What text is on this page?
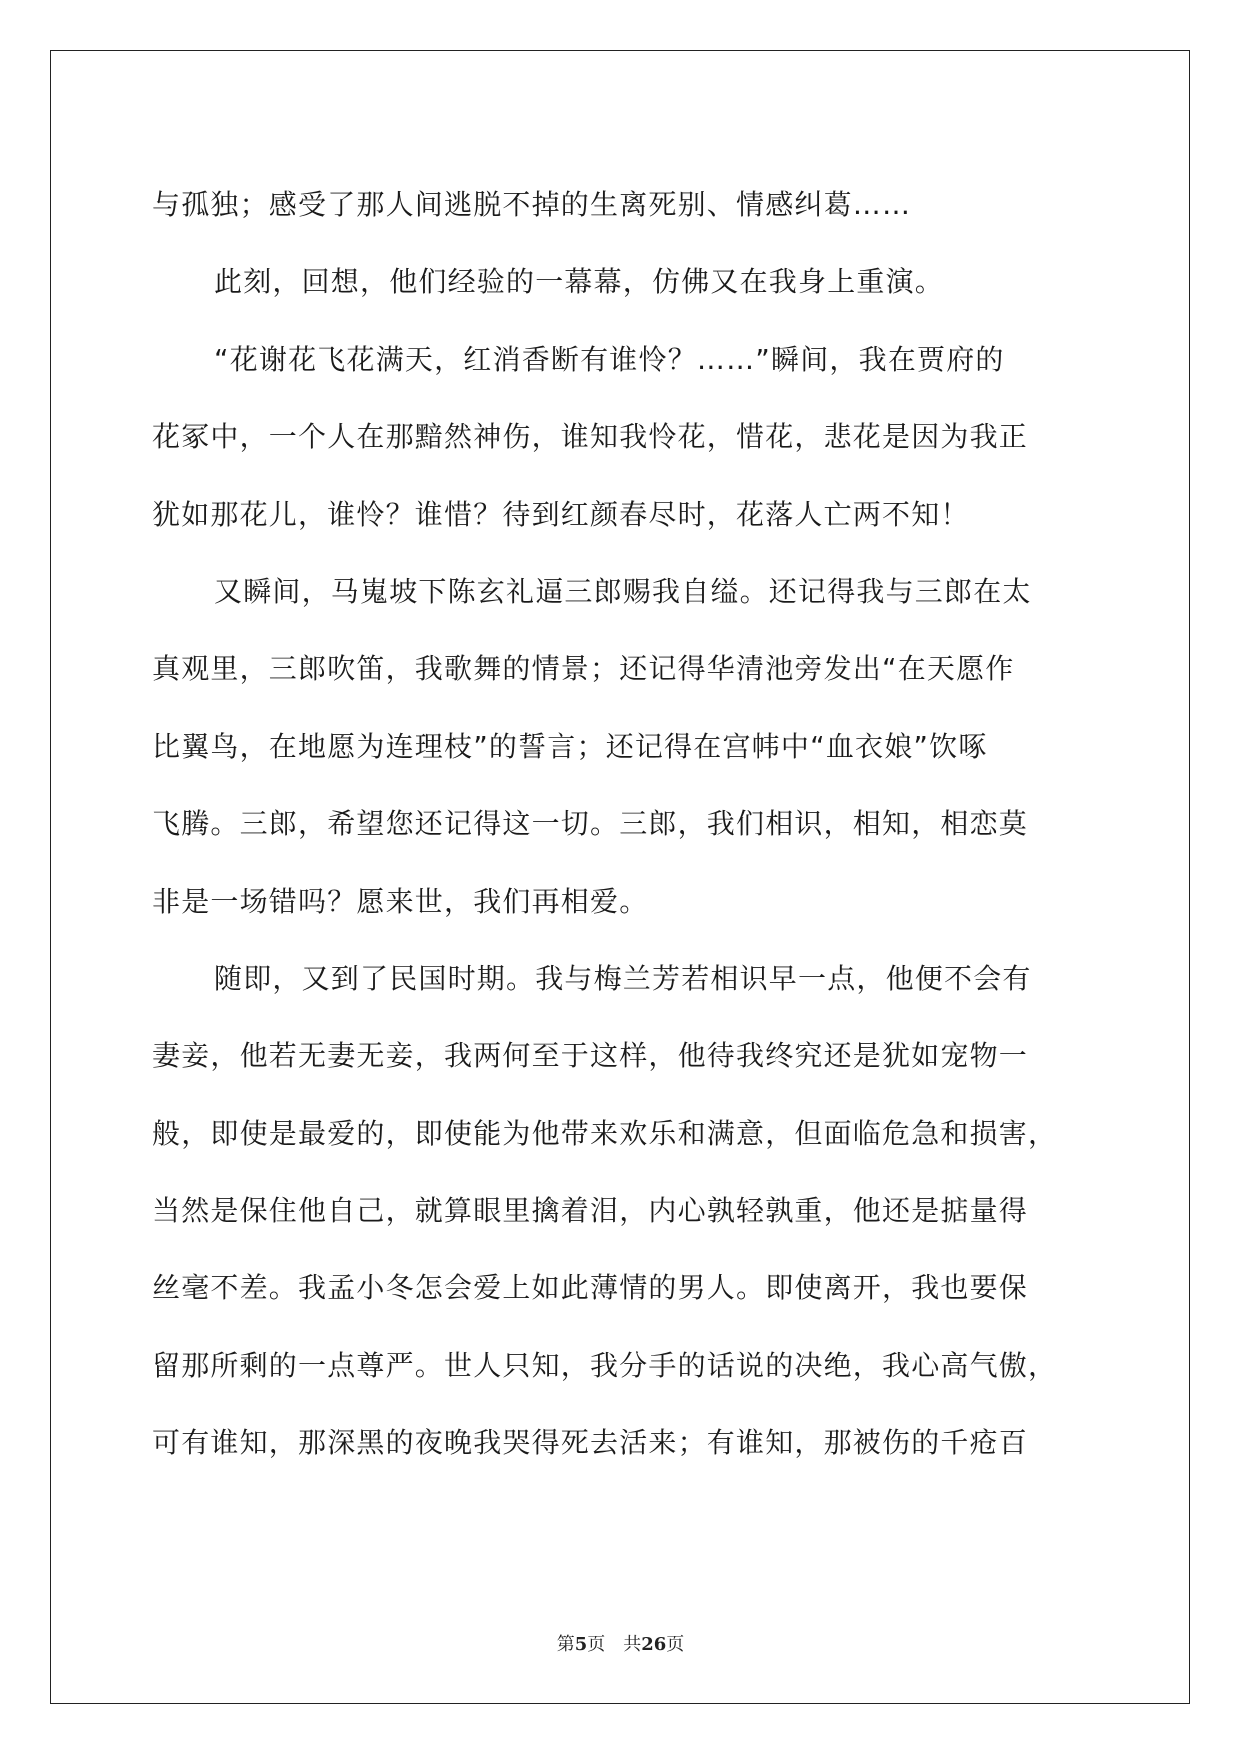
与孤独；感受了那人间逃脱不掉的生离死别、情感纠葛……
此刻，回想，他们经验的一幕幕，仿佛又在我身上重演。
“花谢花飞花满天，红消香断有谁怜？……”瞬间，我在贾府的
花冢中，一个人在那黯然神伤，谁知我怜花，惜花，悲花是因为我正
犹如那花儿，谁怜？谁惜？待到红颜春尽时，花落人亡两不知！
又瞬间，马嵬坡下陈玄礼逼三郎赐我自缢。还记得我与三郎在太
真观里，三郎吹笛，我歌舞的情景；还记得华清池旁发出“在天愿作
比翼鸟，在地愿为连理枝”的誓言；还记得在宫帏中“血衣娘”饮啄
飞腾。三郎，希望您还记得这一切。三郎，我们相识，相知，相恋莫
非是一场错吗？愿来世，我们再相爱。
随即，又到了民国时期。我与梅兰芳若相识早一点，他便不会有
妻妾，他若无妻无妾，我两何至于这样，他待我终究还是犹如宠物一
般，即使是最爱的，即使能为他带来欢乐和满意，但面临危急和损害，
当然是保住他自己，就算眼里擒着泪，内心孰轻孰重，他还是掂量得
丝毫不差。我孟小冬怎会爱上如此薄情的男人。即使离开，我也要保
留那所剩的一点尊严。世人只知，我分手的话说的决绝，我心高气傲，
可有谁知，那深黑的夜晚我哭得死去活来；有谁知，那被伤的千疮百
第5页 共26页
